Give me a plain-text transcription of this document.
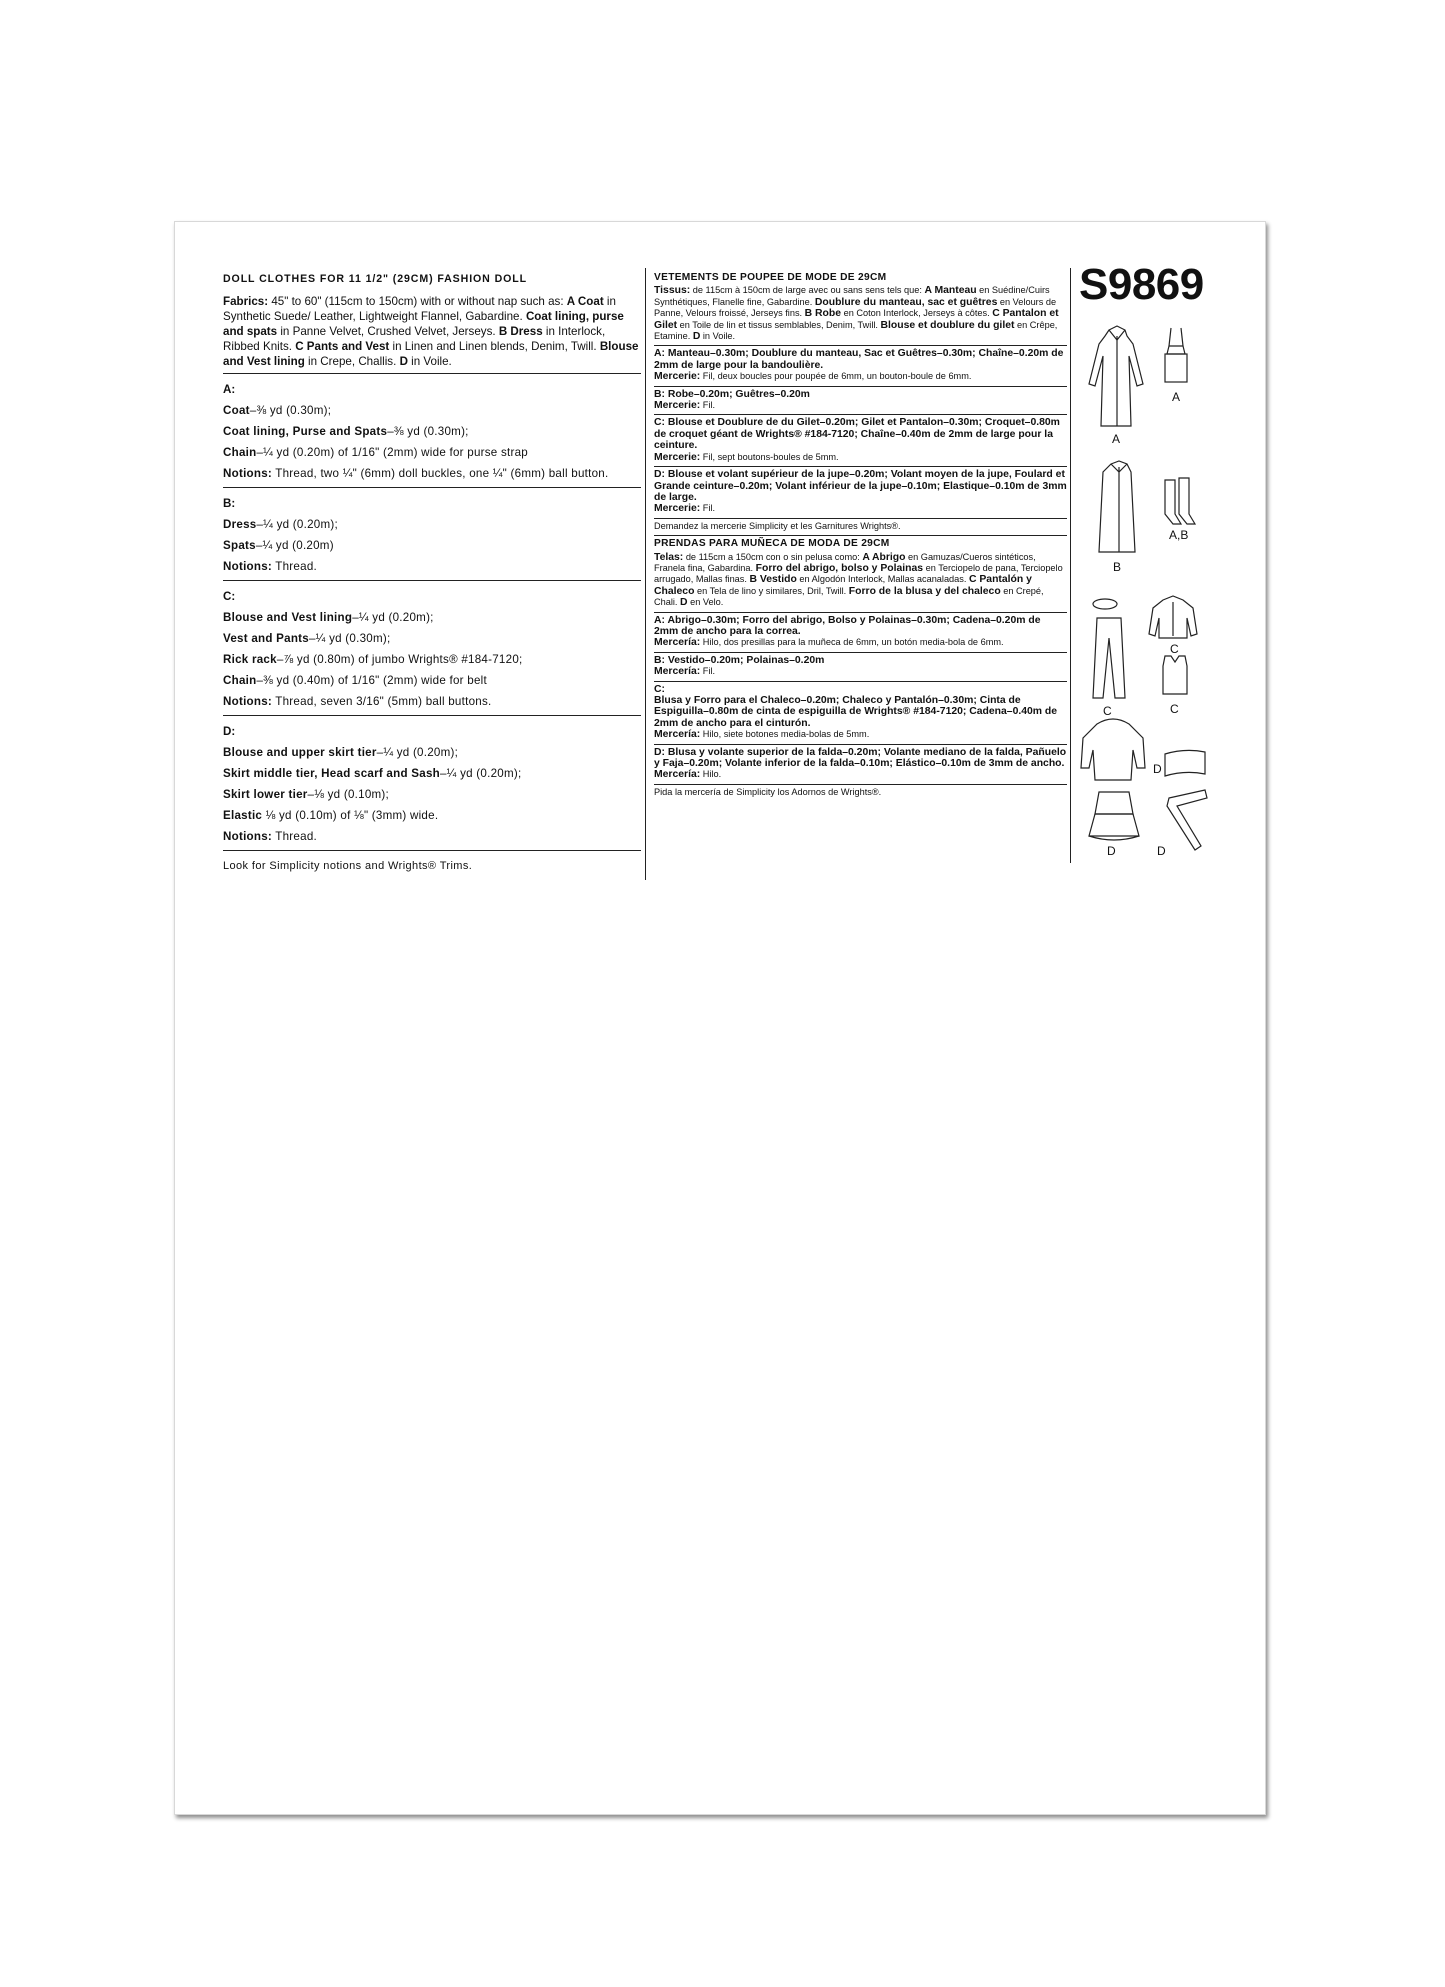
DOLL CLOTHES FOR 11 1/2" (29CM) FASHION DOLL

Fabrics: 45" to 60" (115cm to 150cm) with or without nap such as: A Coat in Synthetic Suede/ Leather, Lightweight Flannel, Gabardine. Coat lining, purse and spats in Panne Velvet, Crushed Velvet, Jerseys. B Dress in Interlock, Ribbed Knits. C Pants and Vest in Linen and Linen blends, Denim, Twill. Blouse and Vest lining in Crepe, Challis. D in Voile.

A:
Coat–⅜ yd (0.30m);
Coat lining, Purse and Spats–⅜ yd (0.30m);
Chain–¼ yd (0.20m) of 1/16" (2mm) wide for purse strap
Notions: Thread, two ¼" (6mm) doll buckles, one ¼" (6mm) ball button.
B:
Dress–¼ yd (0.20m);
Spats–¼ yd (0.20m)
Notions: Thread.
C:
Blouse and Vest lining–¼ yd (0.20m);
Vest and Pants–¼ yd (0.30m);
Rick rack–⅞ yd (0.80m) of jumbo Wrights® #184-7120;
Chain–⅜ yd (0.40m) of 1/16" (2mm) wide for belt
Notions: Thread, seven 3/16" (5mm) ball buttons.
D:
Blouse and upper skirt tier–¼ yd (0.20m);
Skirt middle tier, Head scarf and Sash–¼ yd (0.20m);
Skirt lower tier–⅛ yd (0.10m);
Elastic ⅛ yd (0.10m) of ⅛" (3mm) wide.
Notions: Thread.
Look for Simplicity notions and Wrights® Trims.
VETEMENTS DE POUPEE DE MODE DE 29CM

Tissus: de 115cm à 150cm de large avec ou sans sens tels que: A Manteau en Suédine/Cuirs Synthétiques, Flanelle fine, Gabardine. Doublure du manteau, sac et guêtres en Velours de Panne, Velours froissé, Jerseys fins. B Robe en Coton Interlock, Jerseys à côtes. C Pantalon et Gilet en Toile de lin et tissus semblables, Denim, Twill. Blouse et doublure du gilet en Crêpe, Etamine. D in Voile.

A: Manteau–0.30m; Doublure du manteau, Sac et Guêtres–0.30m; Chaîne–0.20m de 2mm de large pour la bandoulière.
Mercerie: Fil, deux boucles pour poupée de 6mm, un bouton-boule de 6mm.
B: Robe–0.20m; Guêtres–0.20m
Mercerie: Fil.
C: Blouse et Doublure de du Gilet–0.20m; Gilet et Pantalon–0.30m; Croquet–0.80m de croquet géant de Wrights® #184-7120; Chaîne–0.40m de 2mm de large pour la ceinture.
Mercerie: Fil, sept boutons-boules de 5mm.
D: Blouse et volant supérieur de la jupe–0.20m; Volant moyen de la jupe, Foulard et Grande ceinture–0.20m; Volant inférieur de la jupe–0.10m; Elastique–0.10m de 3mm de large.
Mercerie: Fil.
Demandez la mercerie Simplicity et les Garnitures Wrights®.
PRENDAS PARA MUÑECA DE MODA DE 29CM

Telas: de 115cm a 150cm con o sin pelusa como: A Abrigo en Gamuzas/Cueros sintéticos, Franela fina, Gabardina. Forro del abrigo, bolso y Polainas en Terciopelo de pana, Terciopelo arrugado, Mallas finas. B Vestido en Algodón Interlock, Mallas acanaladas. C Pantalón y Chaleco en Tela de lino y similares, Dril, Twill. Forro de la blusa y del chaleco en Crepé, Chali. D en Velo.

A: Abrigo–0.30m; Forro del abrigo, Bolso y Polainas–0.30m; Cadena–0.20m de 2mm de ancho para la correa.
Mercería: Hilo, dos presillas para la muñeca de 6mm, un botón media-bola de 6mm.
B: Vestido–0.20m; Polainas–0.20m
Mercería: Fil.
C:
Blusa y Forro para el Chaleco–0.20m; Chaleco y Pantalón–0.30m; Cinta de Espiguilla–0.80m de cinta de espiguilla de Wrights® #184-7120; Cadena–0.40m de 2mm de ancho para el cinturón.
Mercería: Hilo, siete botones media-bolas de 5mm.
D: Blusa y volante superior de la falda–0.20m; Volante mediano de la falda, Pañuelo y Faja–0.20m; Volante inferior de la falda–0.10m; Elástico–0.10m de 3mm de ancho.
Mercería: Hilo.
Pida la mercería de Simplicity los Adornos de Wrights®.
S9869
A
A
B
A,B
C
C	C
D
D	D
